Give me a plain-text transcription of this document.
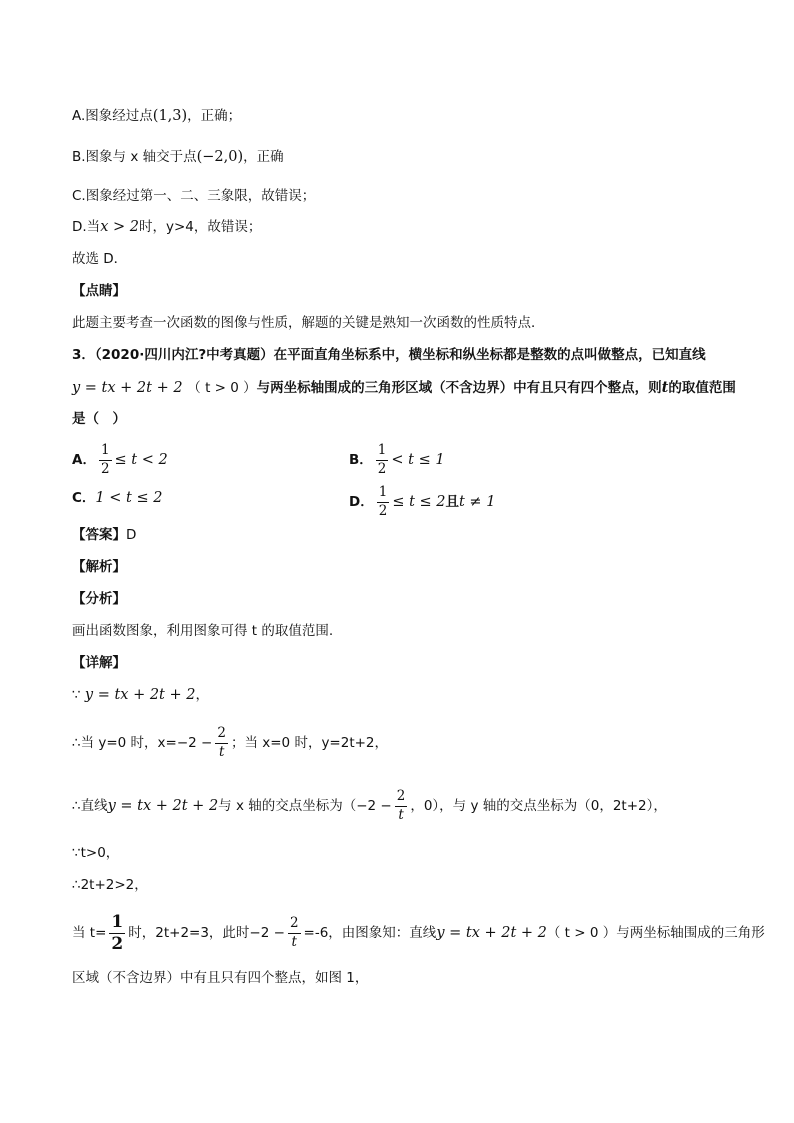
A.图象经过点(1,3)，正确；
B.图象与 x 轴交于点(−2,0)，正确
C.图象经过第一、二、三象限，故错误；
D.当x > 2时，y>4，故错误；
故选 D．
【点睛】
此题主要考查一次函数的图像与性质，解题的关键是熟知一次函数的性质特点．
3．（2020·四川内江?中考真题）在平面直角坐标系中，横坐标和纵坐标都是整数的点叫做整点，已知直线
y = tx + 2t + 2 （ t > 0 ）与两坐标轴围成的三角形区域（不含边界）中有且只有四个整点，则t的取值范围
是（　）
A． $\frac{1}{2} \le t < 2$	B． $\frac{1}{2} < t \le 1$
C．1 < t ≤ 2	D． $\frac{1}{2} \le t \le 2$且t ≠ 1
【答案】D
【解析】
【分析】
画出函数图象，利用图象可得 t 的取值范围.
【详解】
∵ y = tx + 2t + 2，
∴当 y=0 时，$x=-2 - \frac{2}{t}$ ；当 x=0 时，y=2t+2，
∴直线y = tx + 2t + 2与 x 轴的交点坐标为（$-2 - \frac{2}{t}$ ，0），与 y 轴的交点坐标为（0，2t+2），
∵t>0，
∴2t+2>2，
当 $t= \frac{1}{2}$ 时，2t+2=3，此时$-2 - \frac{2}{t} =-6$，由图象知：直线y = tx + 2t + 2（ t > 0 ）与两坐标轴围成的三角形
区域（不含边界）中有且只有四个整点，如图 1，
